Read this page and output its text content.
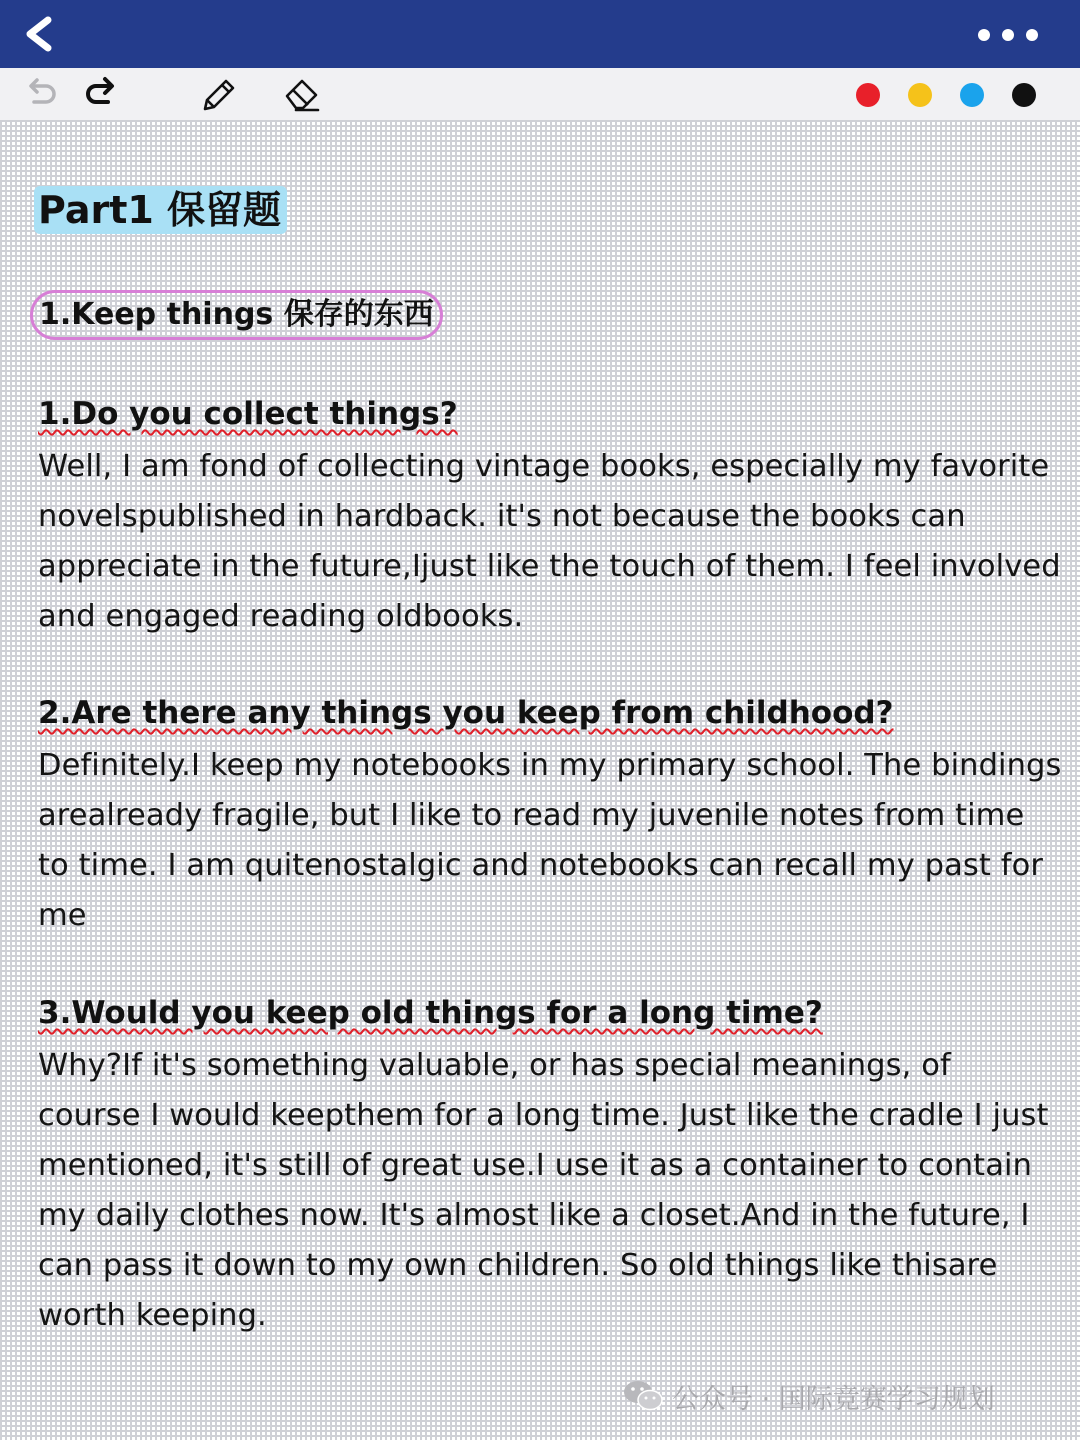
Part1 保留题
1.Keep things 保存的东西
1.Do you collect things?

Well, I am fond of collecting vintage books, especially my favorite novelspublished in hardback. it's not because the books can appreciate in the future,Ijust like the touch of them. I feel involved and engaged reading oldbooks.

2.Are there any things you keep from childhood?

Definitely.I keep my notebooks in my primary school. The bindings arealready fragile, but I like to read my juvenile notes from time to time. I am quitenostalgic and notebooks can recall my past for me

3.Would you keep old things for a long time?

Why?If it's something valuable, or has special meanings, of course I would keepthem for a long time. Just like the cradle I just mentioned, it's still of great use.I use it as a container to contain my daily clothes now. It's almost like a closet.And in the future, I can pass it down to my own children. So old things like thisare worth keeping.

公众号 · 国际竞赛学习规划
